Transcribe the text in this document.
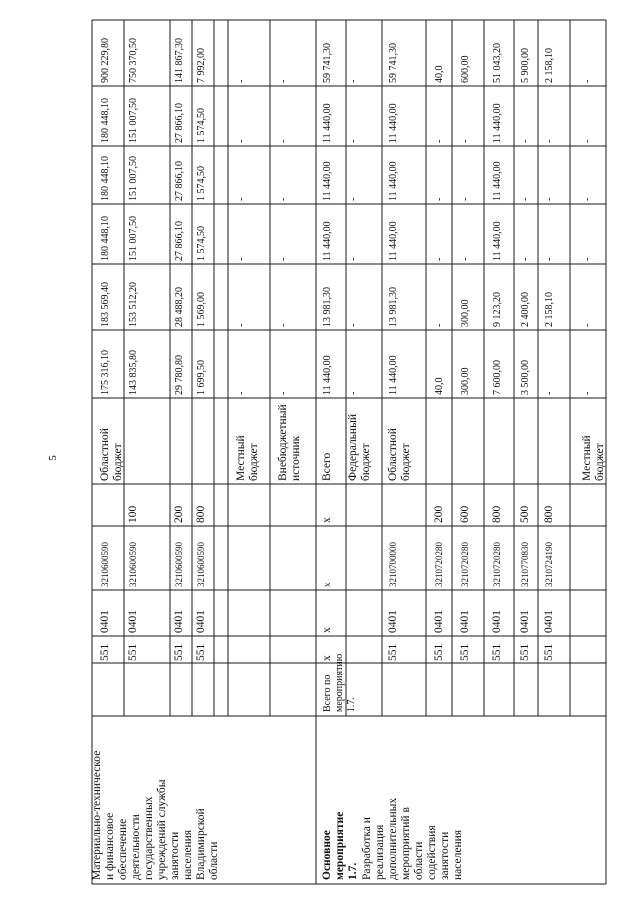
5
551
0401
3210600590
Областной бюджет
175 316,10
183 569,40
180 448,10
180 448,10
180 448,10
900 229,80
551
0401
3210600590
100
143 835,80
153 512,20
151 007,50
151 007,50
151 007,50
750 370,50
551
0401
3210600590
200
29 780,80
28 488,20
27 866,10
27 866,10
27 866,10
141 867,30
551
0401
3210600590
800
1 699,50
1 569,00
1 574,50
1 574,50
1 574,50
7 992,00
Местный бюджет
-
-
-
-
-
-
Внебюджетный источник
-
-
-
-
-
-
х
х
х
х
Всего
11 440,00
13 981,30
11 440,00
11 440,00
11 440,00
59 741,30
Федеральный бюджет
-
-
-
-
-
-
551
0401
3210700000
Областной бюджет
11 440,00
13 981,30
11 440,00
11 440,00
11 440,00
59 741,30
551
0401
3210720280
200
40,0
-
-
-
-
40,0
551
0401
3210720280
600
300,00
300,00
-
-
-
600,00
551
0401
3210720280
800
7 600,00
9 123,20
11 440,00
11 440,00
11 440,00
51 043,20
551
0401
3210770830
500
3 500,00
2 400,00
-
-
-
5 900,00
551
0401
3210724190
800
-
2 158,10
-
-
-
2 158,10
Местный бюджет
-
-
-
-
-
-
Материально-техническое и финансовое обеспечение деятельности государственных учреждений службы занятости населения Владимирской области	Основное мероприятие 1.7. Разработка и реализация дополнительных мероприятий в области содействия занятости населения
Всего по мероприятию 1.7.
